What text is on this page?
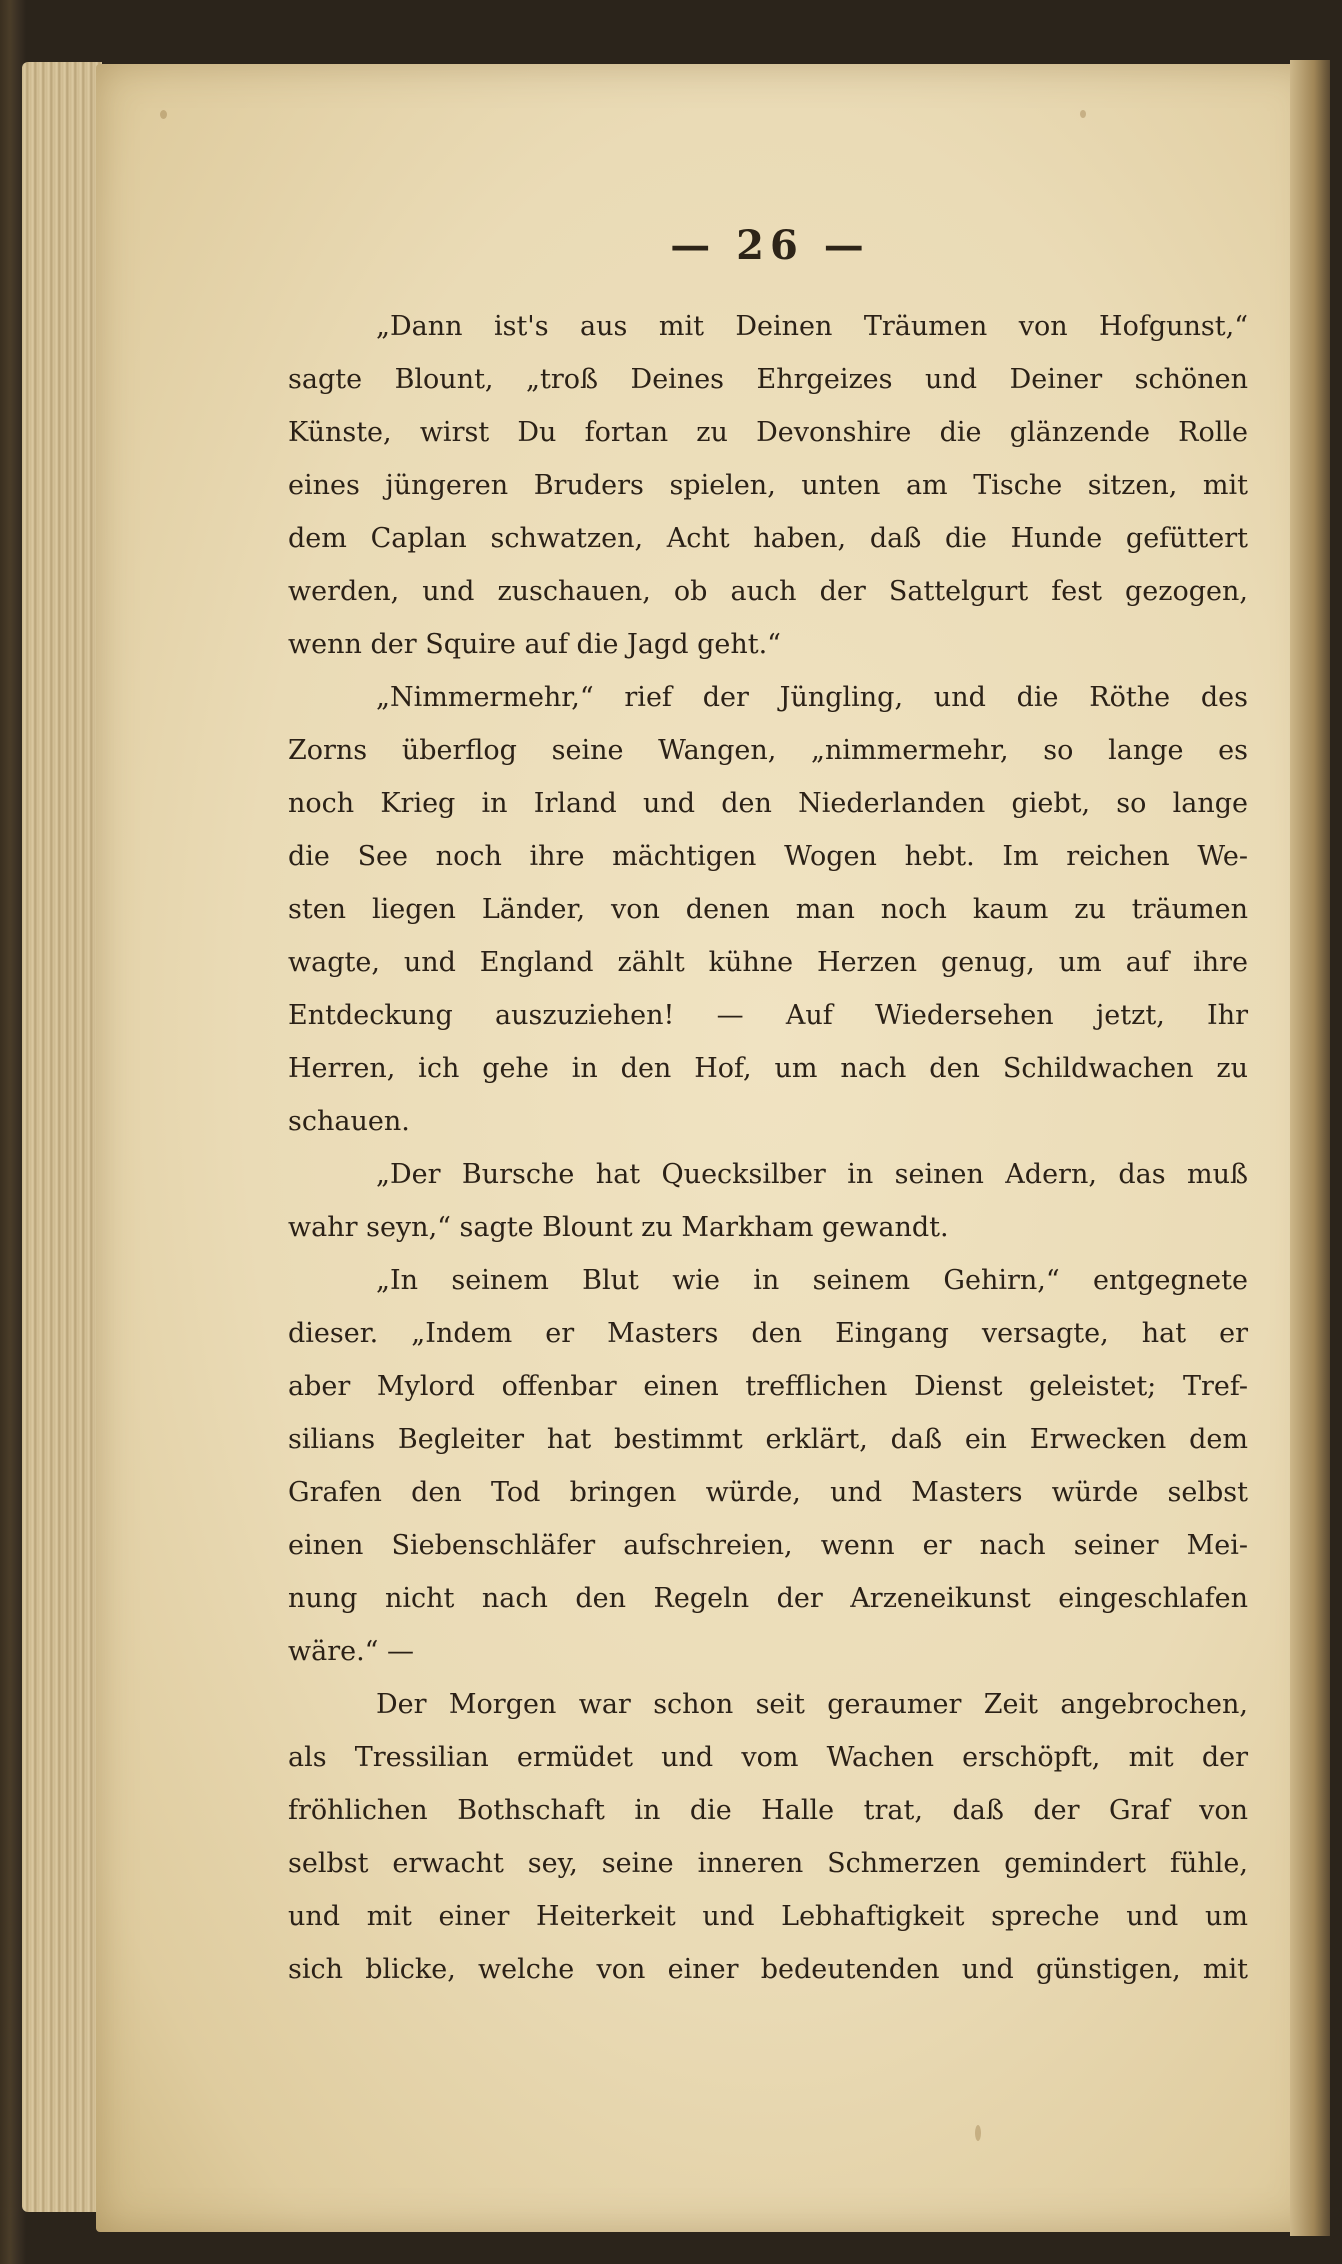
— 26 —

„Dann ist's aus mit Deinen Träumen von Hofgunst,“
sagte Blount, „troß Deines Ehrgeizes und Deiner schönen
Künste, wirst Du fortan zu Devonshire die glänzende Rolle
eines jüngeren Bruders spielen, unten am Tische sitzen, mit
dem Caplan schwatzen, Acht haben, daß die Hunde gefüttert
werden, und zuschauen, ob auch der Sattelgurt fest gezogen,
wenn der Squire auf die Jagd geht.“

„Nimmermehr,“ rief der Jüngling, und die Röthe des
Zorns überflog seine Wangen, „nimmermehr, so lange es
noch Krieg in Irland und den Niederlanden giebt, so lange
die See noch ihre mächtigen Wogen hebt. Im reichen We-
sten liegen Länder, von denen man noch kaum zu träumen
wagte, und England zählt kühne Herzen genug, um auf ihre
Entdeckung auszuziehen! — Auf Wiedersehen jetzt, Ihr
Herren, ich gehe in den Hof, um nach den Schildwachen zu
schauen.

„Der Bursche hat Quecksilber in seinen Adern, das muß
wahr seyn,“ sagte Blount zu Markham gewandt.

„In seinem Blut wie in seinem Gehirn,“ entgegnete
dieser. „Indem er Masters den Eingang versagte, hat er
aber Mylord offenbar einen trefflichen Dienst geleistet; Tref-
silians Begleiter hat bestimmt erklärt, daß ein Erwecken dem
Grafen den Tod bringen würde, und Masters würde selbst
einen Siebenschläfer aufschreien, wenn er nach seiner Mei-
nung nicht nach den Regeln der Arzeneikunst eingeschlafen
wäre.“ —

Der Morgen war schon seit geraumer Zeit angebrochen,
als Tressilian ermüdet und vom Wachen erschöpft, mit der
fröhlichen Bothschaft in die Halle trat, daß der Graf von
selbst erwacht sey, seine inneren Schmerzen gemindert fühle,
und mit einer Heiterkeit und Lebhaftigkeit spreche und um
sich blicke, welche von einer bedeutenden und günstigen, mit
